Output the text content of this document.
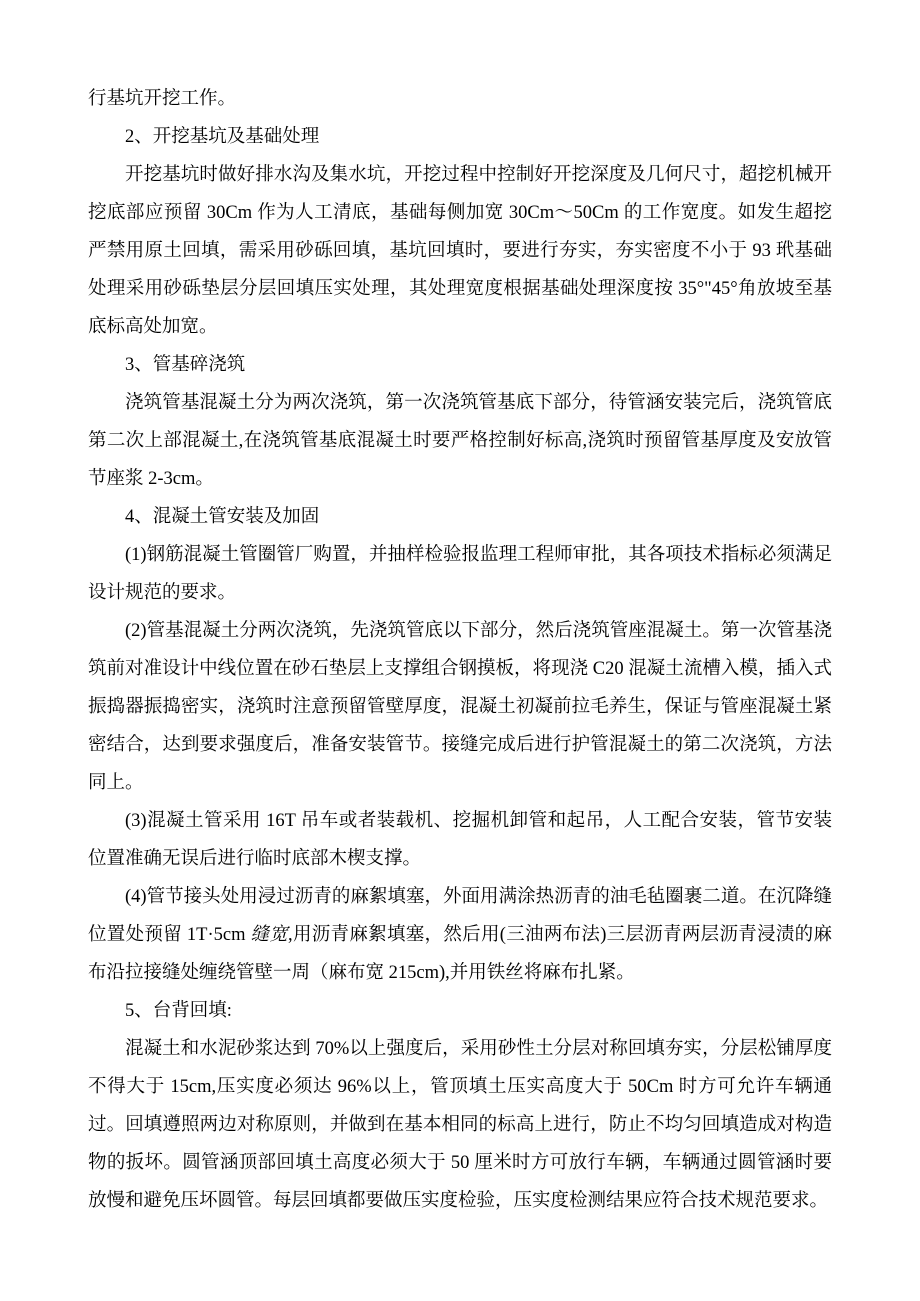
行基坑开挖工作。

2、开挖基坑及基础处理

开挖基坑时做好排水沟及集水坑，开挖过程中控制好开挖深度及几何尺寸，超挖机械开挖底部应预留 30Cm 作为人工清底，基础每侧加宽 30Cm～50Cm 的工作宽度。如发生超挖严禁用原土回填，需采用砂砾回填，基坑回填时，要进行夯实，夯实密度不小于 93 玳基础处理采用砂砾垫层分层回填压实处理，其处理宽度根据基础处理深度按 35°"45°角放坡至基底标高处加宽。

3、管基碎浇筑

浇筑管基混凝土分为两次浇筑，第一次浇筑管基底下部分，待管涵安装完后，浇筑管底第二次上部混凝土,在浇筑管基底混凝土时要严格控制好标高,浇筑时预留管基厚度及安放管节座浆 2-3cm。

4、混凝土管安装及加固

(1)钢筋混凝土管圈管厂购置，并抽样检验报监理工程师审批，其各项技术指标必须满足设计规范的要求。

(2)管基混凝土分两次浇筑，先浇筑管底以下部分，然后浇筑管座混凝土。第一次管基浇筑前对准设计中线位置在砂石垫层上支撑组合钢摸板，将现浇 C20 混凝土流槽入模，插入式振捣器振捣密实，浇筑时注意预留管壁厚度，混凝土初凝前拉毛养生，保证与管座混凝土紧密结合，达到要求强度后，准备安装管节。接缝完成后进行护管混凝土的第二次浇筑，方法同上。

(3)混凝土管采用 16T 吊车或者装载机、挖掘机卸管和起吊，人工配合安装，管节安装位置准确无误后进行临时底部木楔支撑。

(4)管节接头处用浸过沥青的麻絮填塞，外面用满涂热沥青的油毛毡圈裹二道。在沉降缝位置处预留 1T·5cm 缝宽,用沥青麻絮填塞，然后用(三油两布法)三层沥青两层沥青浸渍的麻布沿拉接缝处缠绕管壁一周（麻布宽 215cm),并用铁丝将麻布扎紧。

5、台背回填:

混凝土和水泥砂浆达到 70%以上强度后，采用砂性土分层对称回填夯实，分层松铺厚度不得大于 15cm,压实度必须达 96%以上，管顶填土压实高度大于 50Cm 时方可允许车辆通过。回填遵照两边对称原则，并做到在基本相同的标高上进行，防止不均匀回填造成对构造物的扳坏。圆管涵顶部回填土高度必须大于 50 厘米时方可放行车辆，车辆通过圆管涵时要放慢和避免压坏圆管。每层回填都要做压实度检验，压实度检测结果应符合技术规范要求。
